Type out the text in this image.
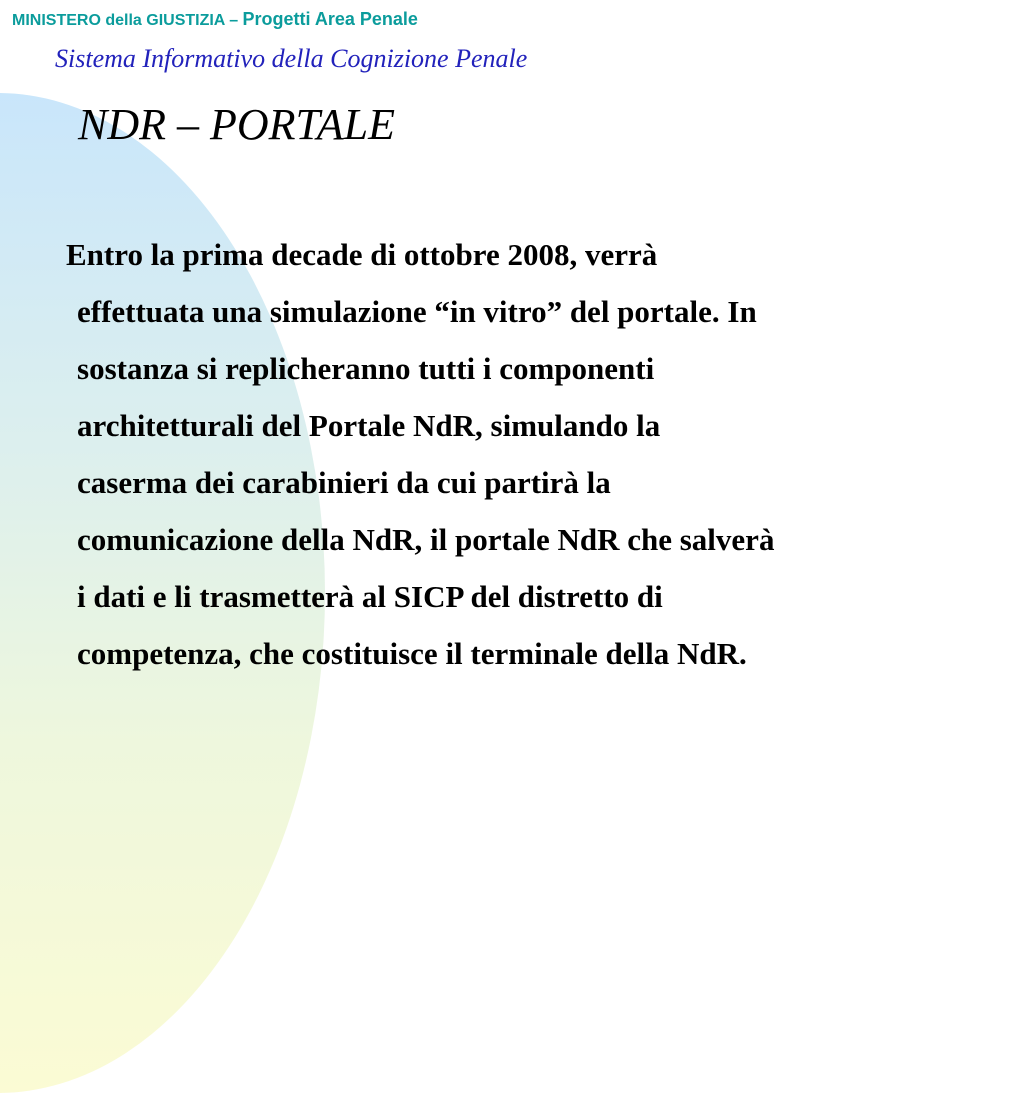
MINISTERO della GIUSTIZIA – Progetti Area Penale

Sistema Informativo della Cognizione Penale

NDR – PORTALE
Entro la prima decade di ottobre 2008, verrà
effettuata una simulazione “in vitro” del portale. In
sostanza si replicheranno tutti i componenti
architetturali del Portale NdR, simulando la
caserma dei carabinieri da cui partirà la
comunicazione della NdR, il portale NdR che salverà
i dati e li trasmetterà al SICP del distretto di
competenza, che costituisce il terminale della NdR.
